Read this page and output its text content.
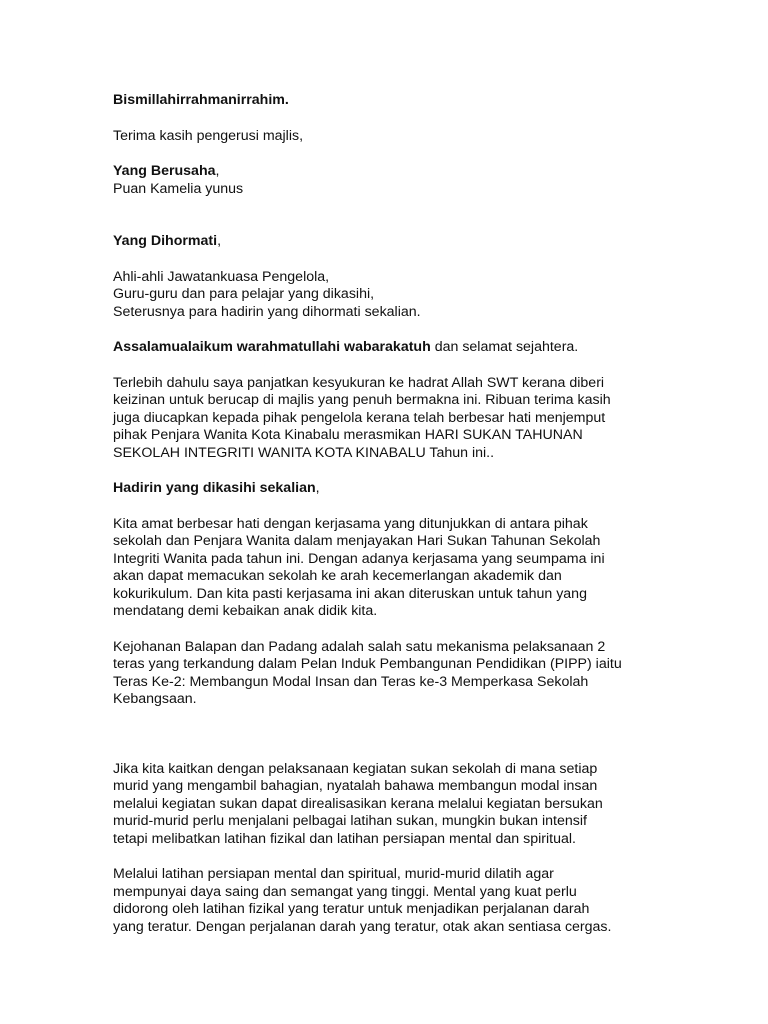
Bismillahirrahmanirrahim.

Terima kasih pengerusi majlis,

Yang Berusaha,
Puan Kamelia yunus

Yang Dihormati,

Ahli-ahli Jawatankuasa Pengelola,
Guru-guru dan para pelajar yang dikasihi,
Seterusnya para hadirin yang dihormati sekalian.

Assalamualaikum warahmatullahi wabarakatuh dan selamat sejahtera.

Terlebih dahulu saya panjatkan kesyukuran ke hadrat Allah SWT kerana diberi
keizinan untuk berucap di majlis yang penuh bermakna ini. Ribuan terima kasih
juga diucapkan kepada pihak pengelola kerana telah berbesar hati menjemput
pihak Penjara Wanita Kota Kinabalu merasmikan HARI SUKAN TAHUNAN
SEKOLAH INTEGRITI WANITA KOTA KINABALU Tahun ini..

Hadirin yang dikasihi sekalian,

Kita amat berbesar hati dengan kerjasama yang ditunjukkan di antara pihak
sekolah dan Penjara Wanita dalam menjayakan Hari Sukan Tahunan Sekolah
Integriti Wanita pada tahun ini. Dengan adanya kerjasama yang seumpama ini
akan dapat memacukan sekolah ke arah kecemerlangan akademik dan
kokurikulum. Dan kita pasti kerjasama ini akan diteruskan untuk tahun yang
mendatang demi kebaikan anak didik kita.

Kejohanan Balapan dan Padang adalah salah satu mekanisma pelaksanaan 2
teras yang terkandung dalam Pelan Induk Pembangunan Pendidikan (PIPP) iaitu
Teras Ke-2: Membangun Modal Insan dan Teras ke-3 Memperkasa Sekolah
Kebangsaan.

Jika kita kaitkan dengan pelaksanaan kegiatan sukan sekolah di mana setiap
murid yang mengambil bahagian, nyatalah bahawa membangun modal insan
melalui kegiatan sukan dapat direalisasikan kerana melalui kegiatan bersukan
murid-murid perlu menjalani pelbagai latihan sukan, mungkin bukan intensif
tetapi melibatkan latihan fizikal dan latihan persiapan mental dan spiritual.

Melalui latihan persiapan mental dan spiritual, murid-murid dilatih agar
mempunyai daya saing dan semangat yang tinggi. Mental yang kuat perlu
didorong oleh latihan fizikal yang teratur untuk menjadikan perjalanan darah
yang teratur. Dengan perjalanan darah yang teratur, otak akan sentiasa cergas.
